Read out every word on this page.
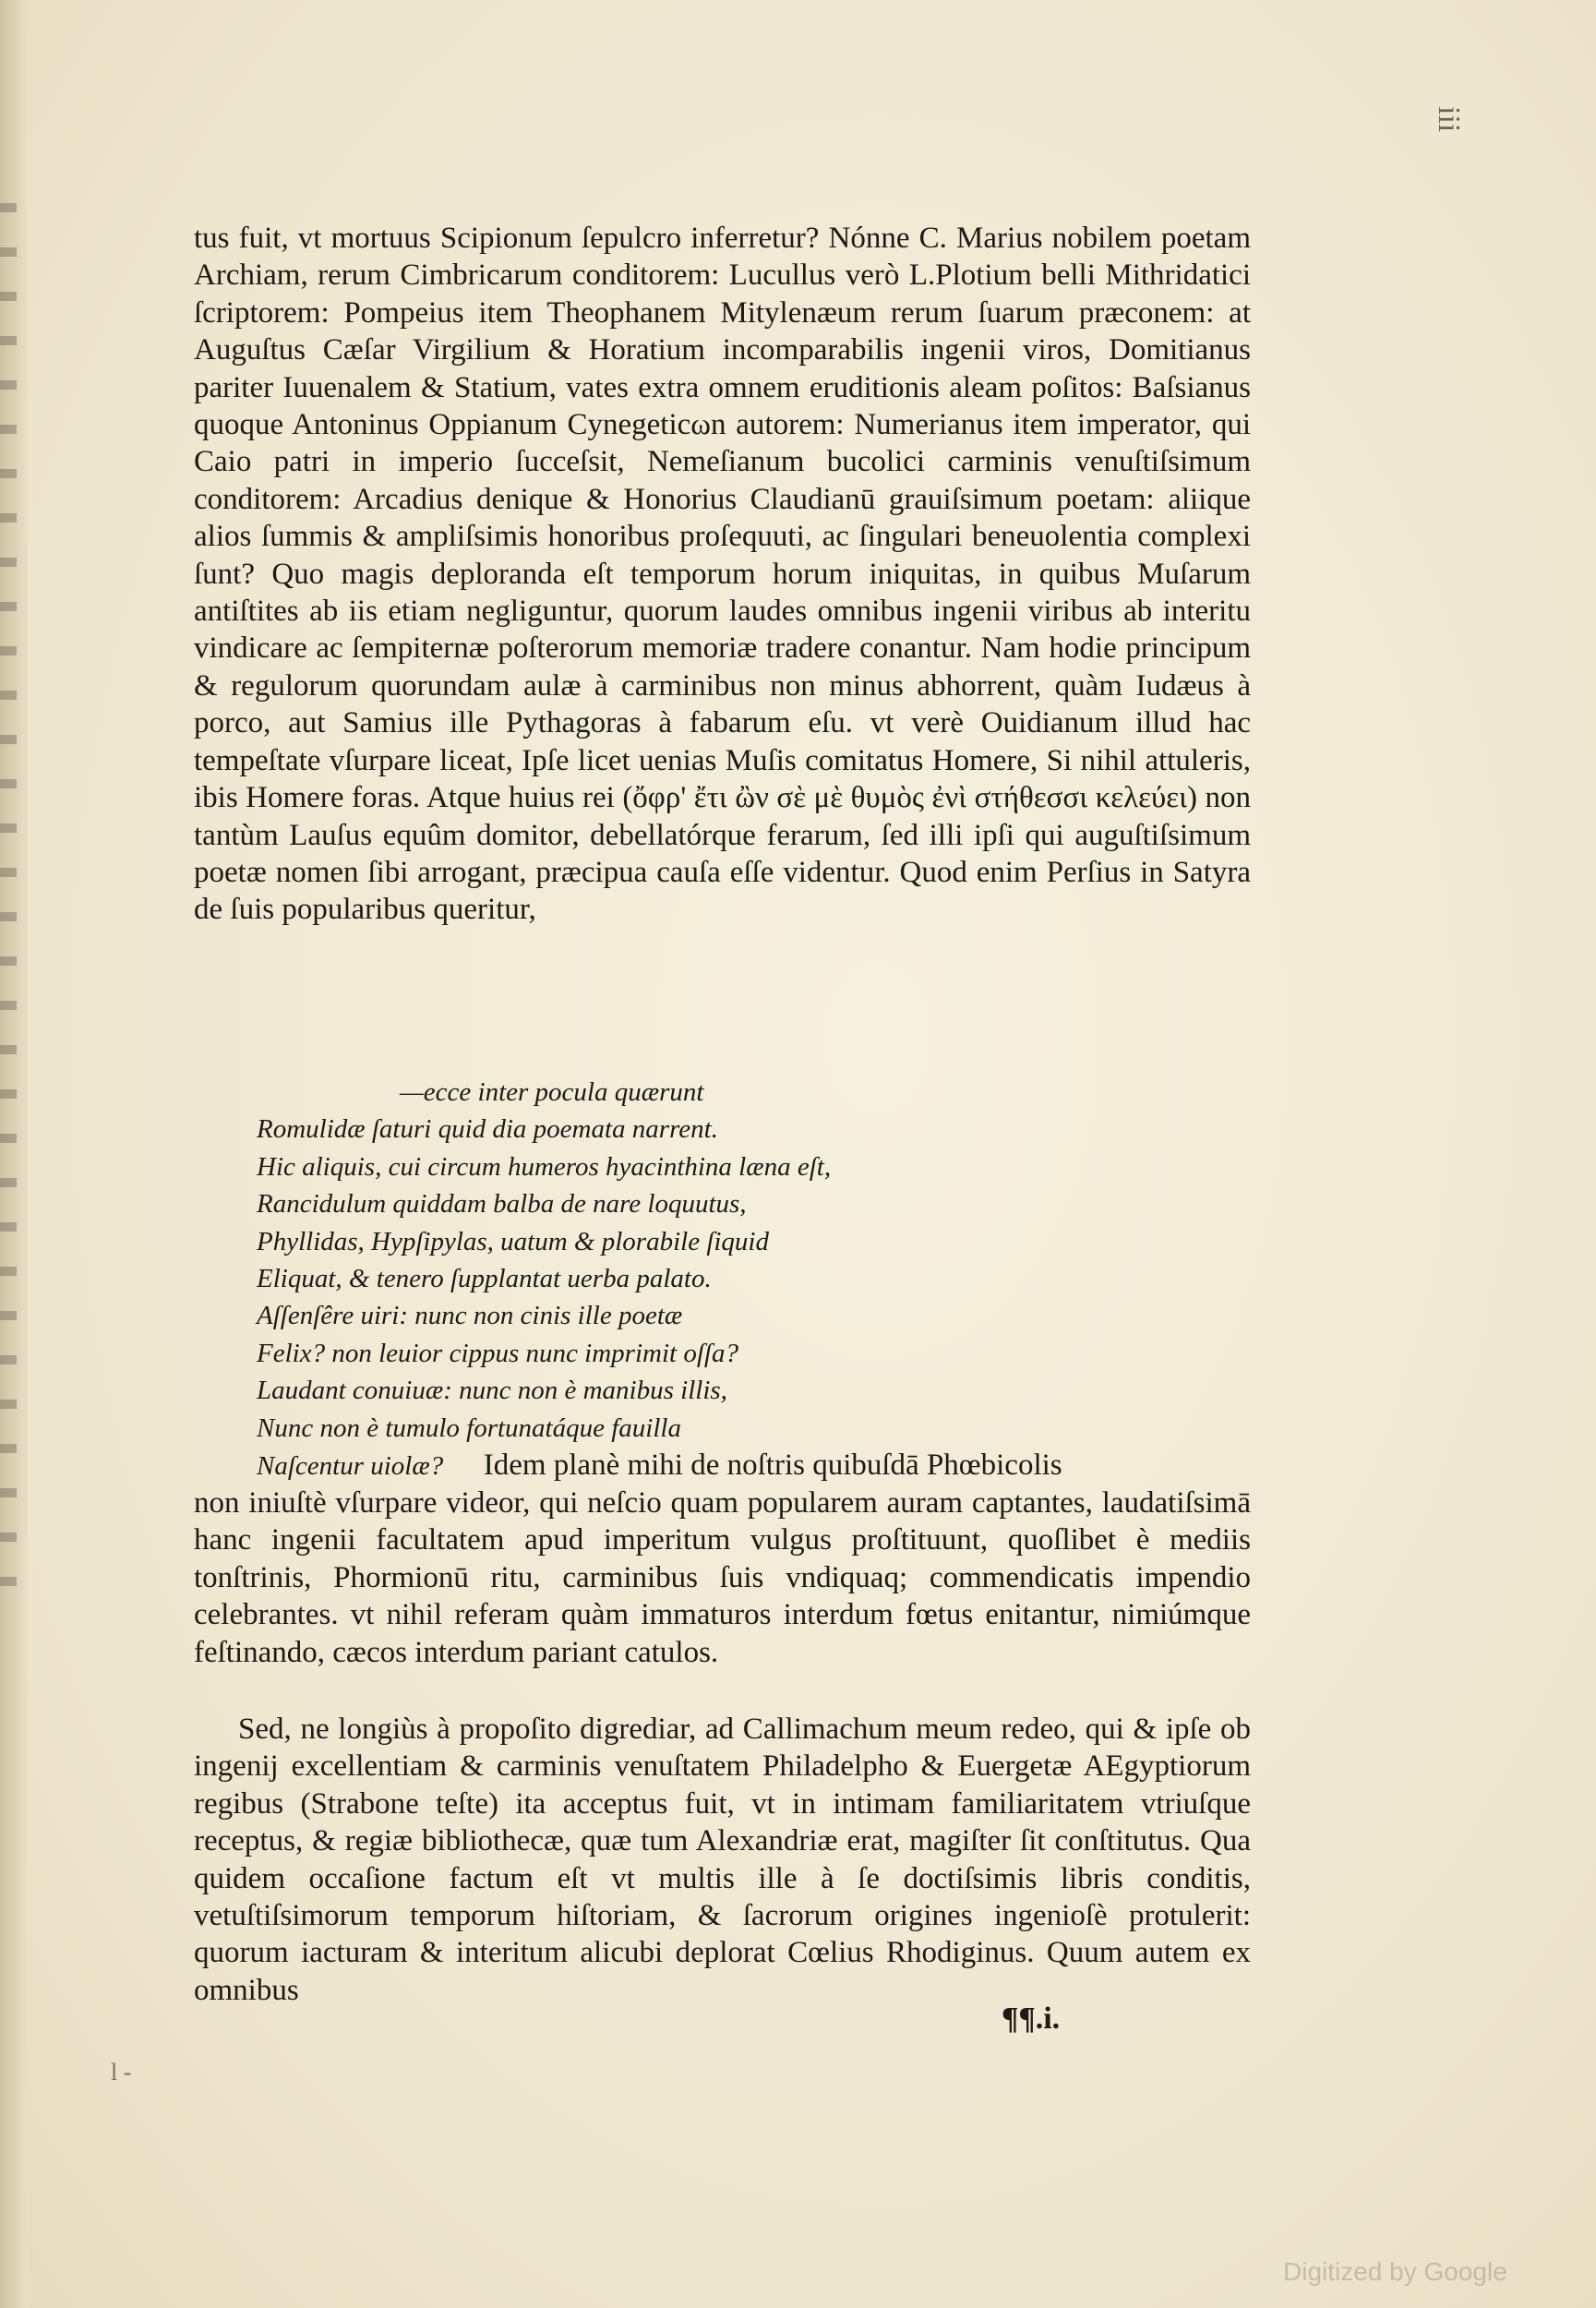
iii

tus fuit, vt mortuus Scipionum ſepulcro inferretur? Nónne C. Marius nobilem poetam Archiam, rerum Cimbricarum conditorem: Lucullus verò L.Plotium belli Mithridatici ſcriptorem: Pompeius item Theophanem Mitylenæum rerum ſuarum præconem: at Auguſtus Cæſar Virgilium & Horatium incomparabilis ingenii viros, Domitianus pariter Iuuenalem & Statium, vates extra omnem eruditionis aleam poſitos: Baſsianus quoque Antoninus Oppianum Cynegeticωn autorem: Numerianus item imperator, qui Caio patri in imperio ſucceſsit, Nemeſianum bucolici carminis venuſtiſsimum conditorem: Arcadius denique & Honorius Claudianū grauiſsimum poetam: aliique alios ſummis & ampliſsimis honoribus proſequuti, ac ſingulari beneuolentia complexi ſunt? Quo magis deploranda eſt temporum horum iniquitas, in quibus Muſarum antiſtites ab iis etiam negliguntur, quorum laudes omnibus ingenii viribus ab interitu vindicare ac ſempiternæ poſterorum memoriæ tradere conantur. Nam hodie principum & regulorum quorundam aulæ à carminibus non minus abhorrent, quàm Iudæus à porco, aut Samius ille Pythagoras à fabarum eſu. vt verè Ouidianum illud hac tempeſtate vſurpare liceat, Ipſe licet uenias Muſis comitatus Homere, Si nihil attuleris, ibis Homere foras. Atque huius rei (ὄφρ' ἔτι ὢν σὲ μὲ θυμὸς ἐνὶ στήθεσσι κελεύει) non tantùm Lauſus equûm domitor, debellatórque ferarum, ſed illi ipſi qui auguſtiſsimum poetæ nomen ſibi arrogant, præcipua cauſa eſſe videntur. Quod enim Perſius in Satyra de ſuis popularibus queritur,

—ecce inter pocula quærunt
Romulidæ ſaturi quid dia poemata narrent.
Hic aliquis, cui circum humeros hyacinthina læna eſt,
Rancidulum quiddam balba de nare loquutus,
Phyllidas, Hypſipylas, uatum & plorabile ſiquid
Eliquat, & tenero ſupplantat uerba palato.
Aſſenſêre uiri: nunc non cinis ille poetæ
Felix? non leuior cippus nunc imprimit oſſa?
Laudant conuiuæ: nunc non è manibus illis,
Nunc non è tumulo fortunatáque fauilla
Naſcentur uiolæ? Idem planè mihi de noſtris quibuſdā Phœbicolis

non iniuſtè vſurpare videor, qui neſcio quam popularem auram captantes, laudatiſsimā hanc ingenii facultatem apud imperitum vulgus proſtituunt, quoſlibet è mediis tonſtrinis, Phormionū ritu, carminibus ſuis vndiquaq; commendicatis impendio celebrantes. vt nihil referam quàm immaturos interdum fœtus enitantur, nimiúmque feſtinando, cæcos interdum pariant catulos.

Sed, ne longiùs à propoſito digrediar, ad Callimachum meum redeo, qui & ipſe ob ingenij excellentiam & carminis venuſtatem Philadelpho & Euergetæ AEgyptiorum regibus (Strabone teſte) ita acceptus fuit, vt in intimam familiaritatem vtriuſque receptus, & regiæ bibliothecæ, quæ tum Alexandriæ erat, magiſter ſit conſtitutus. Qua quidem occaſione factum eſt vt multis ille à ſe doctiſsimis libris conditis, vetuſtiſsimorum temporum hiſtoriam, & ſacrorum origines ingenioſè protulerit: quorum iacturam & interitum alicubi deplorat Cœlius Rhodiginus. Quum autem ex omnibus

¶¶.i.
l -
Digitized by Google
